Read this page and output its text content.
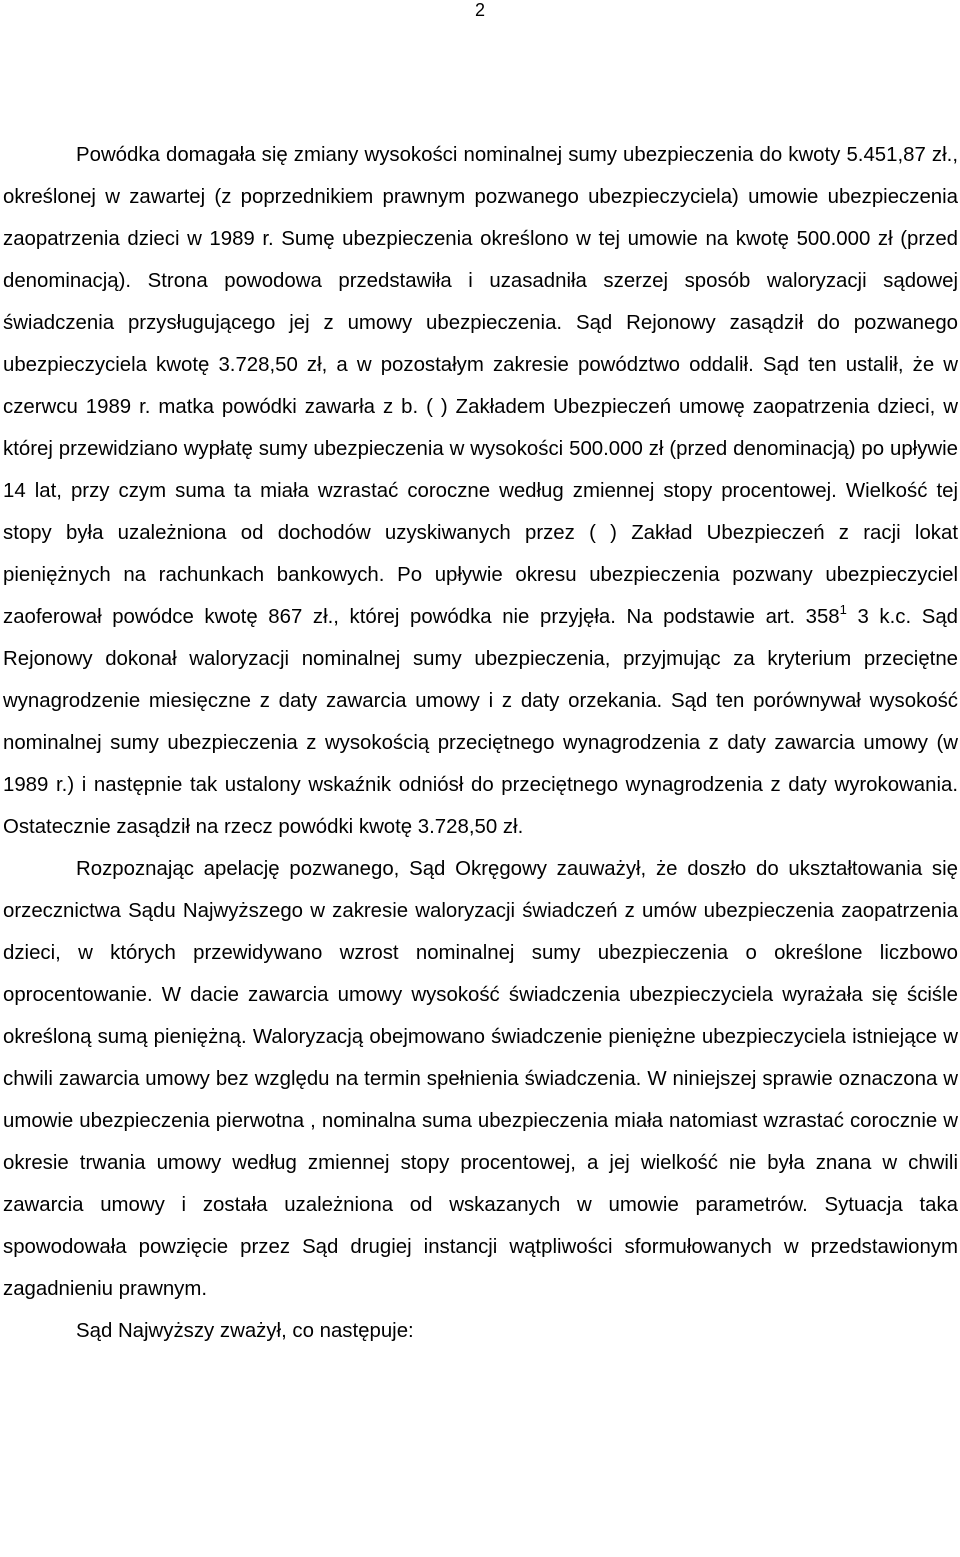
2

Powódka domagała się zmiany wysokości nominalnej sumy ubezpieczenia do kwoty 5.451,87 zł., określonej w zawartej (z poprzednikiem prawnym pozwanego ubezpieczyciela) umowie ubezpieczenia zaopatrzenia dzieci w 1989 r. Sumę ubezpieczenia określono w tej umowie na kwotę 500.000 zł (przed denominacją). Strona powodowa przedstawiła i uzasadniła szerzej sposób waloryzacji sądowej świadczenia przysługującego jej z umowy ubezpieczenia. Sąd Rejonowy zasądził do pozwanego ubezpieczyciela kwotę 3.728,50 zł, a w pozostałym zakresie powództwo oddalił. Sąd ten ustalił, że w czerwcu 1989 r. matka powódki zawarła z b. ( ) Zakładem Ubezpieczeń umowę zaopatrzenia dzieci, w której przewidziano wypłatę sumy ubezpieczenia w wysokości 500.000 zł (przed denominacją) po upływie 14 lat, przy czym suma ta miała wzrastać coroczne według zmiennej stopy procentowej. Wielkość tej stopy była uzależniona od dochodów uzyskiwanych przez ( ) Zakład Ubezpieczeń z racji lokat pieniężnych na rachunkach bankowych. Po upływie okresu ubezpieczenia pozwany ubezpieczyciel zaoferował powódce kwotę 867 zł., której powódka nie przyjęła. Na podstawie art. $358^1$ 3 k.c. Sąd Rejonowy dokonał waloryzacji nominalnej sumy ubezpieczenia, przyjmując za kryterium przeciętne wynagrodzenie miesięczne z daty zawarcia umowy i z daty orzekania. Sąd ten porównywał wysokość nominalnej sumy ubezpieczenia z wysokością przeciętnego wynagrodzenia z daty zawarcia umowy (w 1989 r.) i następnie tak ustalony wskaźnik odniósł do przeciętnego wynagrodzenia z daty wyrokowania. Ostatecznie zasądził na rzecz powódki kwotę 3.728,50 zł.

Rozpoznając apelację pozwanego, Sąd Okręgowy zauważył, że doszło do ukształtowania się orzecznictwa Sądu Najwyższego w zakresie waloryzacji świadczeń z umów ubezpieczenia zaopatrzenia dzieci, w których przewidywano wzrost nominalnej sumy ubezpieczenia o określone liczbowo oprocentowanie. W dacie zawarcia umowy wysokość świadczenia ubezpieczyciela wyrażała się ściśle określoną sumą pieniężną. Waloryzacją obejmowano świadczenie pieniężne ubezpieczyciela istniejące w chwili zawarcia umowy bez względu na termin spełnienia świadczenia. W niniejszej sprawie oznaczona w umowie ubezpieczenia pierwotna , nominalna suma ubezpieczenia miała natomiast wzrastać corocznie w okresie trwania umowy według zmiennej stopy procentowej, a jej wielkość nie była znana w chwili zawarcia umowy i została uzależniona od wskazanych w umowie parametrów. Sytuacja taka spowodowała powzięcie przez Sąd drugiej instancji wątpliwości sformułowanych w przedstawionym zagadnieniu prawnym.

Sąd Najwyższy zważył, co następuje:
